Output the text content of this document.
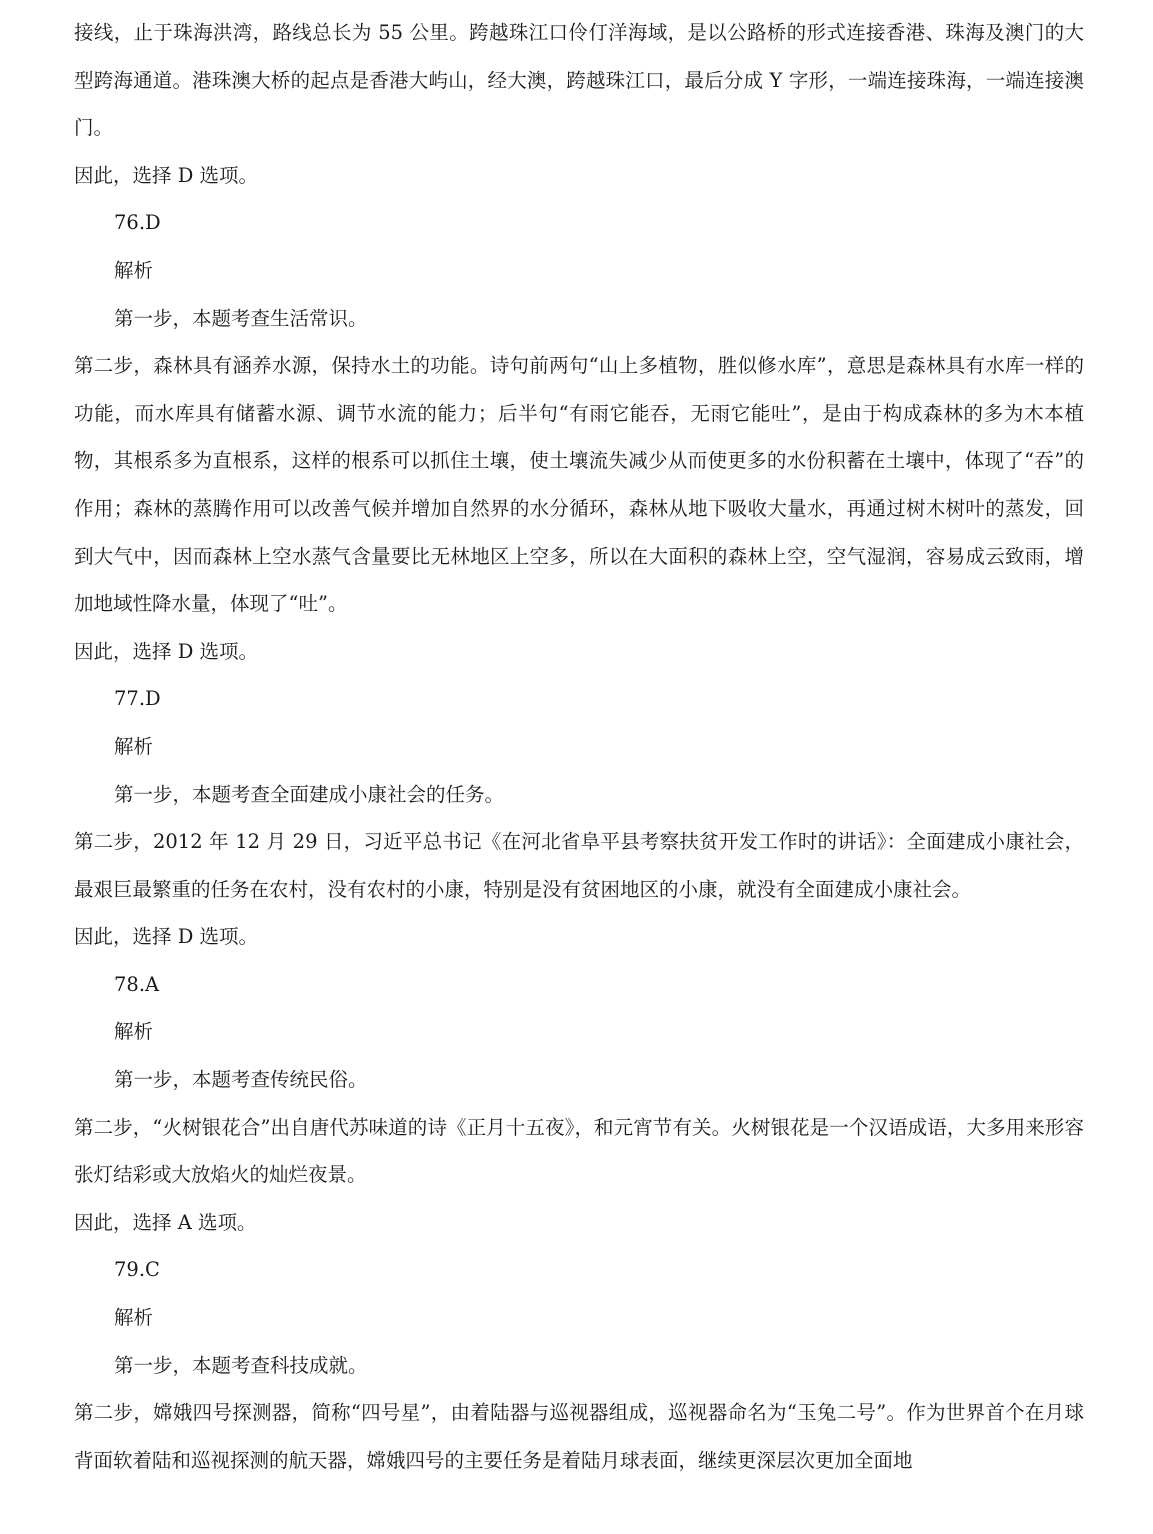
接线，止于珠海洪湾，路线总长为 55 公里。跨越珠江口伶仃洋海域，是以公路桥的形式连接香港、珠海及澳门的大型跨海通道。港珠澳大桥的起点是香港大屿山，经大澳，跨越珠江口，最后分成 Y 字形，一端连接珠海，一端连接澳门。

因此，选择 D 选项。

76.D

解析

第一步，本题考查生活常识。

第二步，森林具有涵养水源，保持水土的功能。诗句前两句“山上多植物，胜似修水库”，意思是森林具有水库一样的功能，而水库具有储蓄水源、调节水流的能力；后半句“有雨它能吞，无雨它能吐”，是由于构成森林的多为木本植物，其根系多为直根系，这样的根系可以抓住土壤，使土壤流失减少从而使更多的水份积蓄在土壤中，体现了“吞”的作用；森林的蒸腾作用可以改善气候并增加自然界的水分循环，森林从地下吸收大量水，再通过树木树叶的蒸发，回到大气中，因而森林上空水蒸气含量要比无林地区上空多，所以在大面积的森林上空，空气湿润，容易成云致雨，增加地域性降水量，体现了“吐”。

因此，选择 D 选项。

77.D

解析

第一步，本题考查全面建成小康社会的任务。

第二步，2012 年 12 月 29 日，习近平总书记《在河北省阜平县考察扶贫开发工作时的讲话》：全面建成小康社会，最艰巨最繁重的任务在农村，没有农村的小康，特别是没有贫困地区的小康，就没有全面建成小康社会。

因此，选择 D 选项。

78.A

解析

第一步，本题考查传统民俗。

第二步，“火树银花合”出自唐代苏味道的诗《正月十五夜》，和元宵节有关。火树银花是一个汉语成语，大多用来形容张灯结彩或大放焰火的灿烂夜景。

因此，选择 A 选项。

79.C

解析

第一步，本题考查科技成就。

第二步，嫦娥四号探测器，简称“四号星”，由着陆器与巡视器组成，巡视器命名为“玉兔二号”。作为世界首个在月球背面软着陆和巡视探测的航天器，嫦娥四号的主要任务是着陆月球表面，继续更深层次更加全面地
